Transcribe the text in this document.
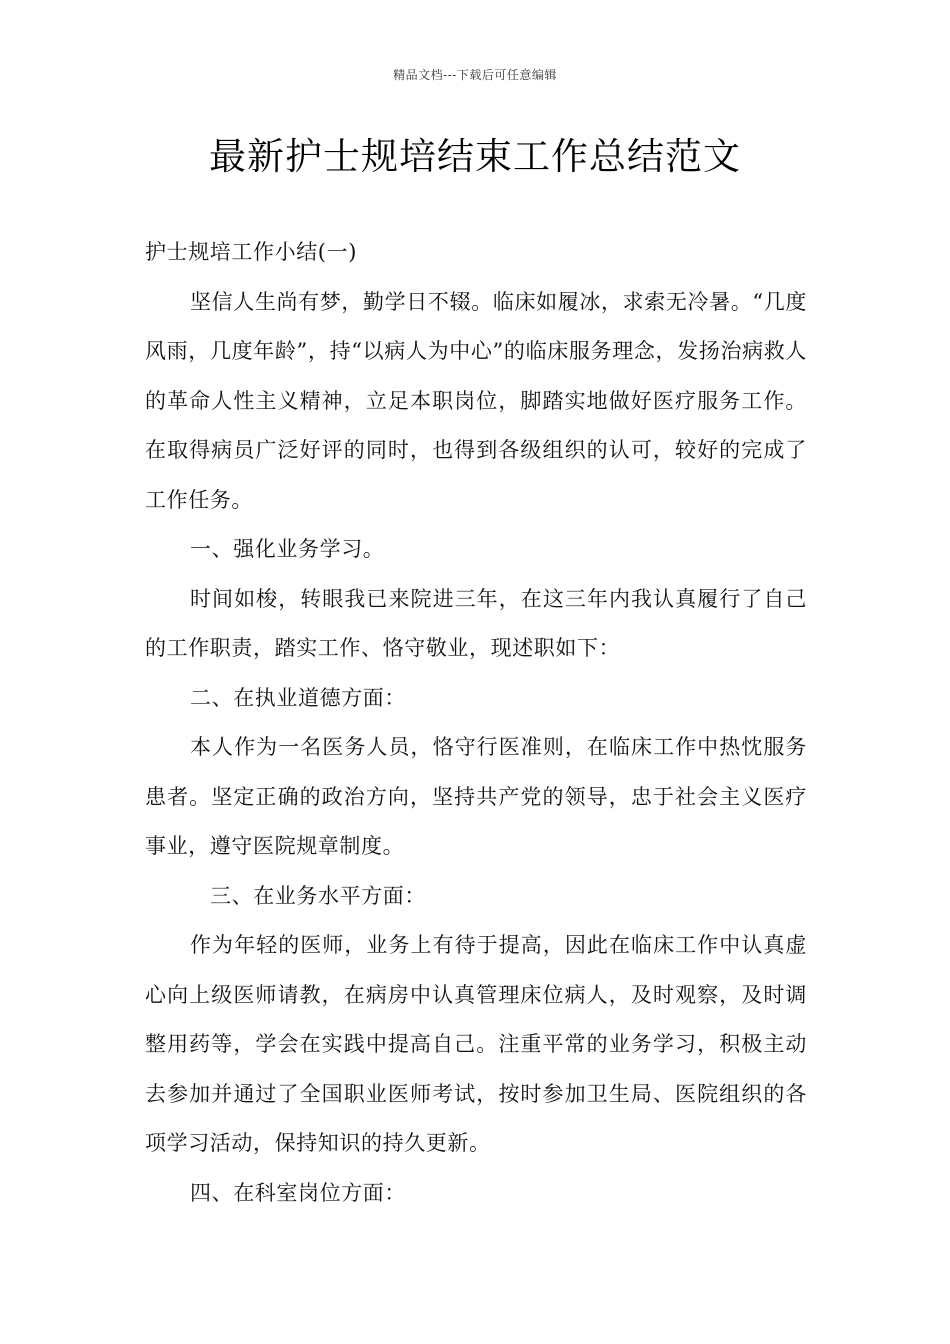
精品文档---下载后可任意编辑
最新护士规培结束工作总结范文

护士规培工作小结(一)

坚信人生尚有梦，勤学日不辍。临床如履冰，求索无冷暑。“几度风雨，几度年龄”，持“以病人为中心”的临床服务理念，发扬治病救人的革命人性主义精神，立足本职岗位，脚踏实地做好医疗服务工作。在取得病员广泛好评的同时，也得到各级组织的认可，较好的完成了工作任务。

一、强化业务学习。

时间如梭，转眼我已来院进三年，在这三年内我认真履行了自己的工作职责，踏实工作、恪守敬业，现述职如下：

二、在执业道德方面：

本人作为一名医务人员，恪守行医准则，在临床工作中热忱服务患者。坚定正确的政治方向，坚持共产党的领导，忠于社会主义医疗事业，遵守医院规章制度。

三、在业务水平方面：

作为年轻的医师，业务上有待于提高，因此在临床工作中认真虚心向上级医师请教，在病房中认真管理床位病人，及时观察，及时调整用药等，学会在实践中提高自己。注重平常的业务学习，积极主动去参加并通过了全国职业医师考试，按时参加卫生局、医院组织的各项学习活动，保持知识的持久更新。

四、在科室岗位方面：
